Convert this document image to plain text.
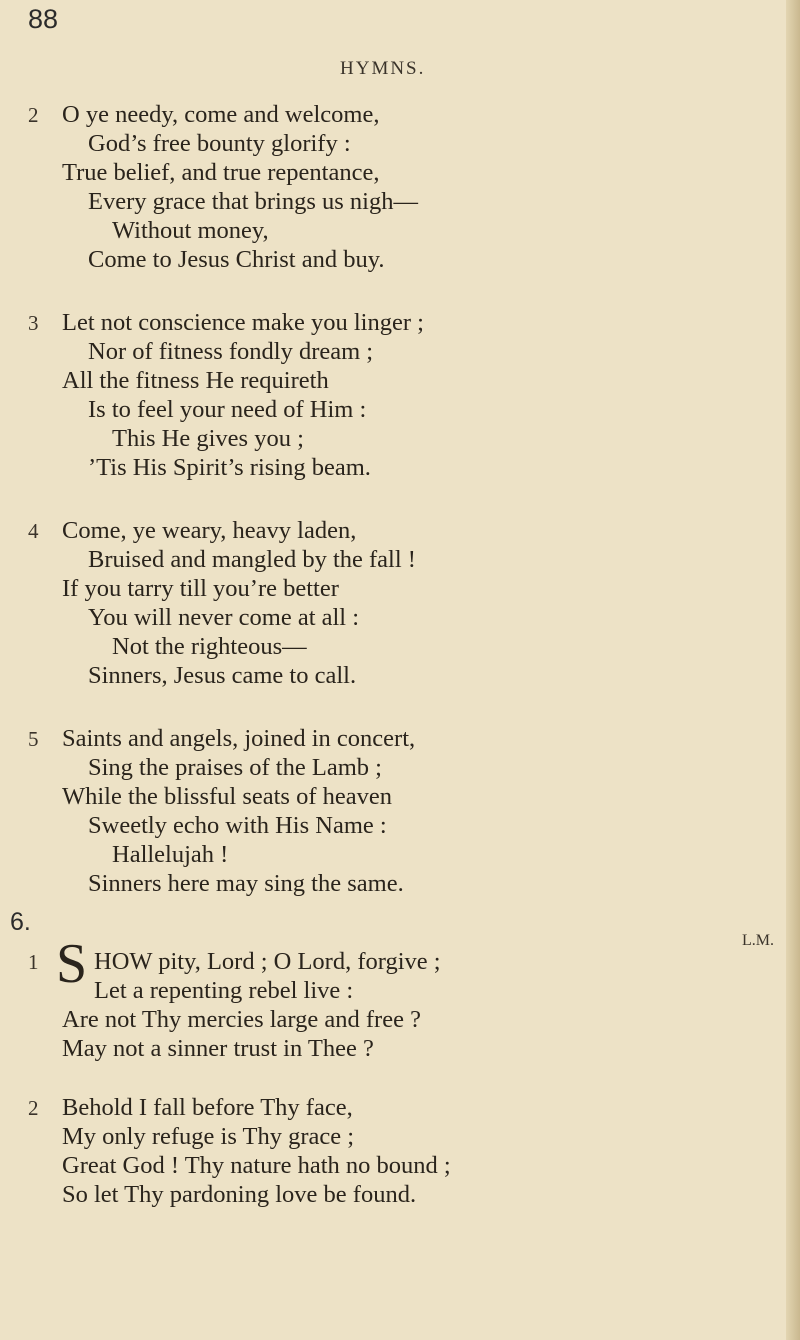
88
HYMNS.
2 O ye needy, come and welcome,
God’s free bounty glorify :
True belief, and true repentance,
Every grace that brings us nigh—
Without money,
Come to Jesus Christ and buy.
3 Let not conscience make you linger ;
Nor of fitness fondly dream ;
All the fitness He requireth
Is to feel your need of Him :
This He gives you ;
’Tis His Spirit’s rising beam.
4 Come, ye weary, heavy laden,
Bruised and mangled by the fall !
If you tarry till you’re better
You will never come at all :
Not the righteous—
Sinners, Jesus came to call.
5 Saints and angels, joined in concert,
Sing the praises of the Lamb ;
While the blissful seats of heaven
Sweetly echo with His Name :
Hallelujah !
Sinners here may sing the same.
6.
L.M.
1 S HOW pity, Lord ; O Lord, forgive ;
Let a repenting rebel live :
Are not Thy mercies large and free ?
May not a sinner trust in Thee ?
2 Behold I fall before Thy face,
My only refuge is Thy grace ;
Great God ! Thy nature hath no bound ;
So let Thy pardoning love be found.
